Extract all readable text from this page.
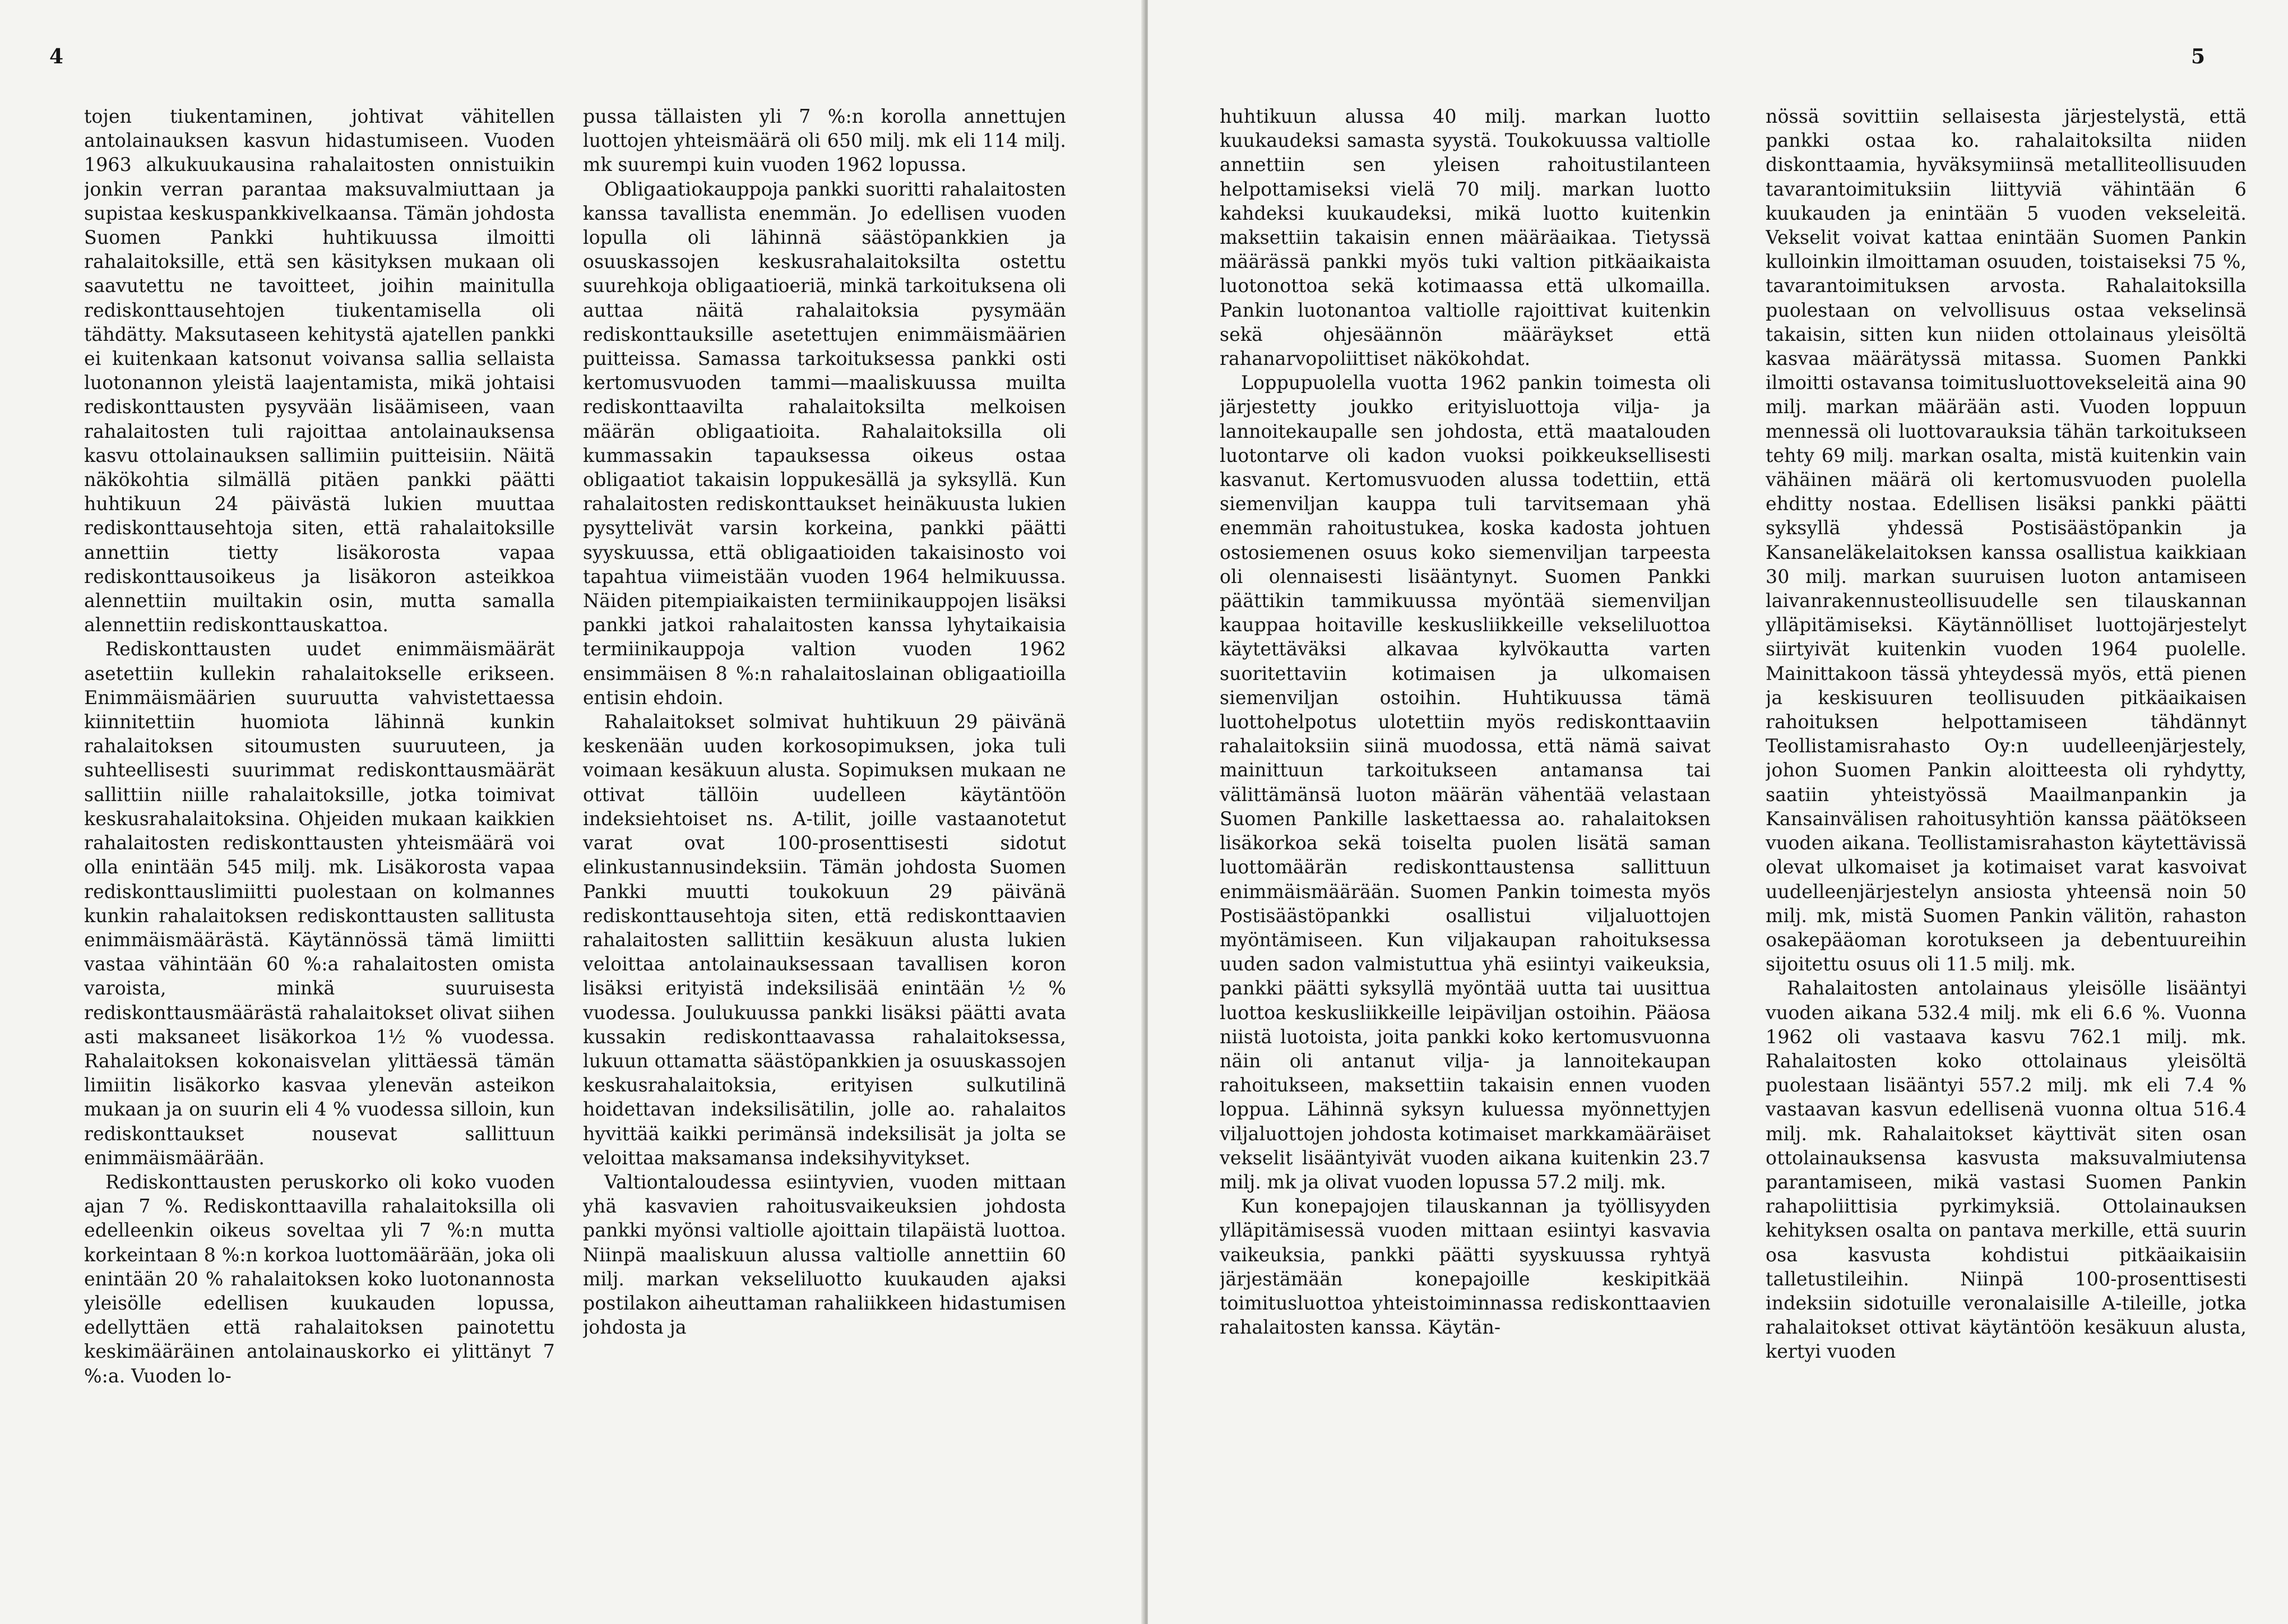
4

tojen tiukentaminen, johtivat vähitellen antolainauksen kasvun hidastumiseen. Vuoden 1963 alkukuukausina rahalaitosten onnistuikin jonkin verran parantaa maksuvalmiuttaan ja supistaa keskuspankkivelkaansa. Tämän johdosta Suomen Pankki huhtikuussa ilmoitti rahalaitoksille, että sen käsityksen mukaan oli saavutettu ne tavoitteet, joihin mainitulla rediskonttausehtojen tiukentamisella oli tähdätty. Maksutaseen kehitystä ajatellen pankki ei kuitenkaan katsonut voivansa sallia sellaista luotonannon yleistä laajentamista, mikä johtaisi rediskonttausten pysyvään lisäämiseen, vaan rahalaitosten tuli rajoittaa antolainauksensa kasvu ottolainauksen sallimiin puitteisiin. Näitä näkökohtia silmällä pitäen pankki päätti huhtikuun 24 päivästä lukien muuttaa rediskonttausehtoja siten, että rahalaitoksille annettiin tietty lisäkorosta vapaa rediskonttausoikeus ja lisäkoron asteikkoa alennettiin muiltakin osin, mutta samalla alennettiin rediskonttauskattoa.

Rediskonttausten uudet enimmäismäärät asetettiin kullekin rahalaitokselle erikseen. Enimmäismäärien suuruutta vahvistettaessa kiinnitettiin huomiota lähinnä kunkin rahalaitoksen sitoumusten suuruuteen, ja suhteellisesti suurimmat rediskonttausmäärät sallittiin niille rahalaitoksille, jotka toimivat keskusrahalaitoksina. Ohjeiden mukaan kaikkien rahalaitosten rediskonttausten yhteismäärä voi olla enintään 545 milj. mk. Lisäkorosta vapaa rediskonttauslimiitti puolestaan on kolmannes kunkin rahalaitoksen rediskonttausten sallitusta enimmäismäärästä. Käytännössä tämä limiitti vastaa vähintään 60 %:a rahalaitosten omista varoista, minkä suuruisesta rediskonttausmäärästä rahalaitokset olivat siihen asti maksaneet lisäkorkoa 1½ % vuodessa. Rahalaitoksen kokonaisvelan ylittäessä tämän limiitin lisäkorko kasvaa ylenevän asteikon mukaan ja on suurin eli 4 % vuodessa silloin, kun rediskonttaukset nousevat sallittuun enimmäismäärään.

Rediskonttausten peruskorko oli koko vuoden ajan 7 %. Rediskonttaavilla rahalaitoksilla oli edelleenkin oikeus soveltaa yli 7 %:n mutta korkeintaan 8 %:n korkoa luottomäärään, joka oli enintään 20 % rahalaitoksen koko luotonannosta yleisölle edellisen kuukauden lopussa, edellyttäen että rahalaitoksen painotettu keskimääräinen antolainauskorko ei ylittänyt 7 %:a. Vuoden lo-

pussa tällaisten yli 7 %:n korolla annettujen luottojen yhteismäärä oli 650 milj. mk eli 114 milj. mk suurempi kuin vuoden 1962 lopussa.

Obligaatiokauppoja pankki suoritti rahalaitosten kanssa tavallista enemmän. Jo edellisen vuoden lopulla oli lähinnä säästöpankkien ja osuuskassojen keskusrahalaitoksilta ostettu suurehkoja obligaatioeriä, minkä tarkoituksena oli auttaa näitä rahalaitoksia pysymään rediskonttauksille asetettujen enimmäismäärien puitteissa. Samassa tarkoituksessa pankki osti kertomusvuoden tammi—maaliskuussa muilta rediskonttaavilta rahalaitoksilta melkoisen määrän obligaatioita. Rahalaitoksilla oli kummassakin tapauksessa oikeus ostaa obligaatiot takaisin loppukesällä ja syksyllä. Kun rahalaitosten rediskonttaukset heinäkuusta lukien pysyttelivät varsin korkeina, pankki päätti syyskuussa, että obligaatioiden takaisinosto voi tapahtua viimeistään vuoden 1964 helmikuussa. Näiden pitempiaikaisten termiinikauppojen lisäksi pankki jatkoi rahalaitosten kanssa lyhytaikaisia termiinikauppoja valtion vuoden 1962 ensimmäisen 8 %:n rahalaitoslainan obligaatioilla entisin ehdoin.

Rahalaitokset solmivat huhtikuun 29 päivänä keskenään uuden korkosopimuksen, joka tuli voimaan kesäkuun alusta. Sopimuksen mukaan ne ottivat tällöin uudelleen käytäntöön indeksiehtoiset ns. A-tilit, joille vastaanotetut varat ovat 100-prosenttisesti sidotut elinkustannusindeksiin. Tämän johdosta Suomen Pankki muutti toukokuun 29 päivänä rediskonttausehtoja siten, että rediskonttaavien rahalaitosten sallittiin kesäkuun alusta lukien veloittaa antolainauksessaan tavallisen koron lisäksi erityistä indeksilisää enintään ½ % vuodessa. Joulukuussa pankki lisäksi päätti avata kussakin rediskonttaavassa rahalaitoksessa, lukuun ottamatta säästöpankkien ja osuuskassojen keskusrahalaitoksia, erityisen sulkutilinä hoidettavan indeksilisätilin, jolle ao. rahalaitos hyvittää kaikki perimänsä indeksilisät ja jolta se veloittaa maksamansa indeksihyvitykset.

Valtiontaloudessa esiintyvien, vuoden mittaan yhä kasvavien rahoitusvaikeuksien johdosta pankki myönsi valtiolle ajoittain tilapäistä luottoa. Niinpä maaliskuun alussa valtiolle annettiin 60 milj. markan vekseliluotto kuukauden ajaksi postilakon aiheuttaman rahaliikkeen hidastumisen johdosta ja

5

huhtikuun alussa 40 milj. markan luotto kuukaudeksi samasta syystä. Toukokuussa valtiolle annettiin sen yleisen rahoitustilanteen helpottamiseksi vielä 70 milj. markan luotto kahdeksi kuukaudeksi, mikä luotto kuitenkin maksettiin takaisin ennen määräaikaa. Tietyssä määrässä pankki myös tuki valtion pitkäaikaista luotonottoa sekä kotimaassa että ulkomailla. Pankin luotonantoa valtiolle rajoittivat kuitenkin sekä ohjesäännön määräykset että rahanarvopoliittiset näkökohdat.

Loppupuolella vuotta 1962 pankin toimesta oli järjestetty joukko erityisluottoja vilja- ja lannoitekaupalle sen johdosta, että maatalouden luotontarve oli kadon vuoksi poikkeuksellisesti kasvanut. Kertomusvuoden alussa todettiin, että siemenviljan kauppa tuli tarvitsemaan yhä enemmän rahoitustukea, koska kadosta johtuen ostosiemenen osuus koko siemenviljan tarpeesta oli olennaisesti lisääntynyt. Suomen Pankki päättikin tammikuussa myöntää siemenviljan kauppaa hoitaville keskusliikkeille vekseliluottoa käytettäväksi alkavaa kylvökautta varten suoritettaviin kotimaisen ja ulkomaisen siemenviljan ostoihin. Huhtikuussa tämä luottohelpotus ulotettiin myös rediskonttaaviin rahalaitoksiin siinä muodossa, että nämä saivat mainittuun tarkoitukseen antamansa tai välittämänsä luoton määrän vähentää velastaan Suomen Pankille laskettaessa ao. rahalaitoksen lisäkorkoa sekä toiselta puolen lisätä saman luottomäärän rediskonttaustensa sallittuun enimmäismäärään. Suomen Pankin toimesta myös Postisäästöpankki osallistui viljaluottojen myöntämiseen. Kun viljakaupan rahoituksessa uuden sadon valmistuttua yhä esiintyi vaikeuksia, pankki päätti syksyllä myöntää uutta tai uusittua luottoa keskusliikkeille leipäviljan ostoihin. Pääosa niistä luotoista, joita pankki koko kertomusvuonna näin oli antanut vilja- ja lannoitekaupan rahoitukseen, maksettiin takaisin ennen vuoden loppua. Lähinnä syksyn kuluessa myönnettyjen viljaluottojen johdosta kotimaiset markkamääräiset vekselit lisääntyivät vuoden aikana kuitenkin 23.7 milj. mk ja olivat vuoden lopussa 57.2 milj. mk.

Kun konepajojen tilauskannan ja työllisyyden ylläpitämisessä vuoden mittaan esiintyi kasvavia vaikeuksia, pankki päätti syyskuussa ryhtyä järjestämään konepajoille keskipitkää toimitusluottoa yhteistoiminnassa rediskonttaavien rahalaitosten kanssa. Käytän-

nössä sovittiin sellaisesta järjestelystä, että pankki ostaa ko. rahalaitoksilta niiden diskonttaamia, hyväksymiinsä metalliteollisuuden tavarantoimituksiin liittyviä vähintään 6 kuukauden ja enintään 5 vuoden vekseleitä. Vekselit voivat kattaa enintään Suomen Pankin kulloinkin ilmoittaman osuuden, toistaiseksi 75 %, tavarantoimituksen arvosta. Rahalaitoksilla puolestaan on velvollisuus ostaa vekselinsä takaisin, sitten kun niiden ottolainaus yleisöltä kasvaa määrätyssä mitassa. Suomen Pankki ilmoitti ostavansa toimitusluottovekseleitä aina 90 milj. markan määrään asti. Vuoden loppuun mennessä oli luottovarauksia tähän tarkoitukseen tehty 69 milj. markan osalta, mistä kuitenkin vain vähäinen määrä oli kertomusvuoden puolella ehditty nostaa. Edellisen lisäksi pankki päätti syksyllä yhdessä Postisäästöpankin ja Kansaneläkelaitoksen kanssa osallistua kaikkiaan 30 milj. markan suuruisen luoton antamiseen laivanrakennusteollisuudelle sen tilauskannan ylläpitämiseksi. Käytännölliset luottojärjestelyt siirtyivät kuitenkin vuoden 1964 puolelle. Mainittakoon tässä yhteydessä myös, että pienen ja keskisuuren teollisuuden pitkäaikaisen rahoituksen helpottamiseen tähdännyt Teollistamisrahasto Oy:n uudelleenjärjestely, johon Suomen Pankin aloitteesta oli ryhdytty, saatiin yhteistyössä Maailmanpankin ja Kansainvälisen rahoitusyhtiön kanssa päätökseen vuoden aikana. Teollistamisrahaston käytettävissä olevat ulkomaiset ja kotimaiset varat kasvoivat uudelleenjärjestelyn ansiosta yhteensä noin 50 milj. mk, mistä Suomen Pankin välitön, rahaston osakepääoman korotukseen ja debentuureihin sijoitettu osuus oli 11.5 milj. mk.

Rahalaitosten antolainaus yleisölle lisääntyi vuoden aikana 532.4 milj. mk eli 6.6 %. Vuonna 1962 oli vastaava kasvu 762.1 milj. mk. Rahalaitosten koko ottolainaus yleisöltä puolestaan lisääntyi 557.2 milj. mk eli 7.4 % vastaavan kasvun edellisenä vuonna oltua 516.4 milj. mk. Rahalaitokset käyttivät siten osan ottolainauksensa kasvusta maksuvalmiutensa parantamiseen, mikä vastasi Suomen Pankin rahapoliittisia pyrkimyksiä. Ottolainauksen kehityksen osalta on pantava merkille, että suurin osa kasvusta kohdistui pitkäaikaisiin talletustileihin. Niinpä 100-prosenttisesti indeksiin sidotuille veronalaisille A-tileille, jotka rahalaitokset ottivat käytäntöön kesäkuun alusta, kertyi vuoden
